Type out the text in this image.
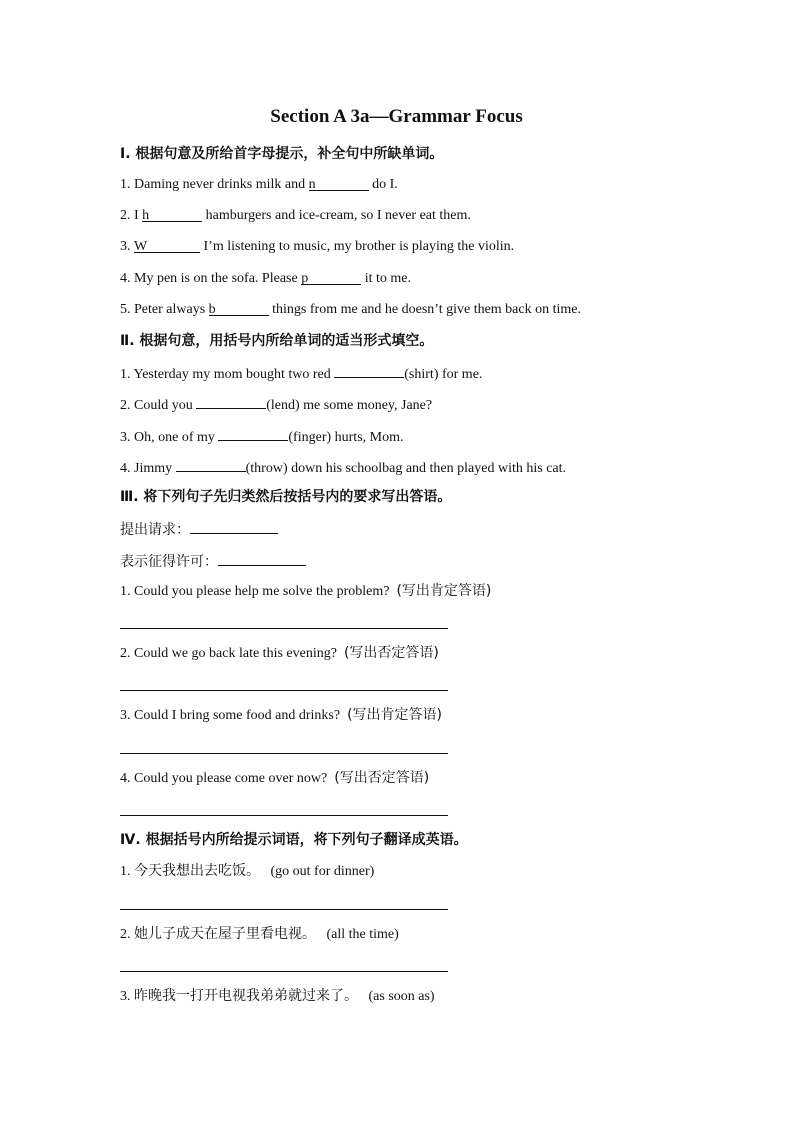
Section A 3a—Grammar Focus
Ⅰ. 根据句意及所给首字母提示，补全句中所缺单词。
1. Daming never drinks milk and n	do I.
2. I h	hamburgers and ice-cream, so I never eat them.
3. W	I’m listening to music, my brother is playing the violin.
4. My pen is on the sofa. Please p	it to me.
5. Peter always b	things from me and he doesn’t give them back on time.
Ⅱ. 根据句意，用括号内所给单词的适当形式填空。
1. Yesterday my mom bought two red	(shirt) for me.
2. Could you	(lend) me some money, Jane?
3. Oh, one of my	(finger) hurts, Mom.
4. Jimmy	(throw) down his schoolbag and then played with his cat.
Ⅲ. 将下列句子先归类然后按括号内的要求写出答语。
提出请求：
表示征得许可：
1. Could you please help me solve the problem? (写出肯定答语)
2. Could we go back late this evening? (写出否定答语)
3. Could I bring some food and drinks? (写出肯定答语)
4. Could you please come over now? (写出否定答语)
Ⅳ. 根据括号内所给提示词语，将下列句子翻译成英语。
1. 今天我想出去吃饭。 (go out for dinner)
2. 她儿子成天在屋子里看电视。 (all the time)
3. 昨晚我一打开电视我弟弟就过来了。 (as soon as)
